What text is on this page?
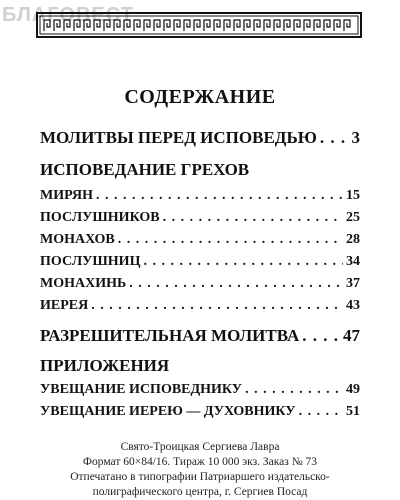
БЛАГОВЕСТ
СОДЕРЖАНИЕ
МОЛИТВЫ ПЕРЕД ИСПОВЕДЬЮ . . . 3
ИСПОВЕДАНИЕ ГРЕХОВ
МИРЯН . . .	15
ПОСЛУШНИКОВ . . .	25
МОНАХОВ . . .	28
ПОСЛУШНИЦ . . .	34
МОНАХИНЬ . . .	37
ИЕРЕЯ . . .	43
РАЗРЕШИТЕЛЬНАЯ МОЛИТВА . . .	47
ПРИЛОЖЕНИЯ
УВЕЩАНИЕ ИСПОВЕДНИКУ . . .	49
УВЕЩАНИЕ ИЕРЕЮ — ДУХОВНИКУ . . .	51
Свято-Троицкая Сергиева Лавра
Формат 60×84/16. Тираж 10 000 экз. Заказ № 73
Отпечатано в типографии Патриаршего издательско-
полиграфического центра, г. Сергиев Посад
